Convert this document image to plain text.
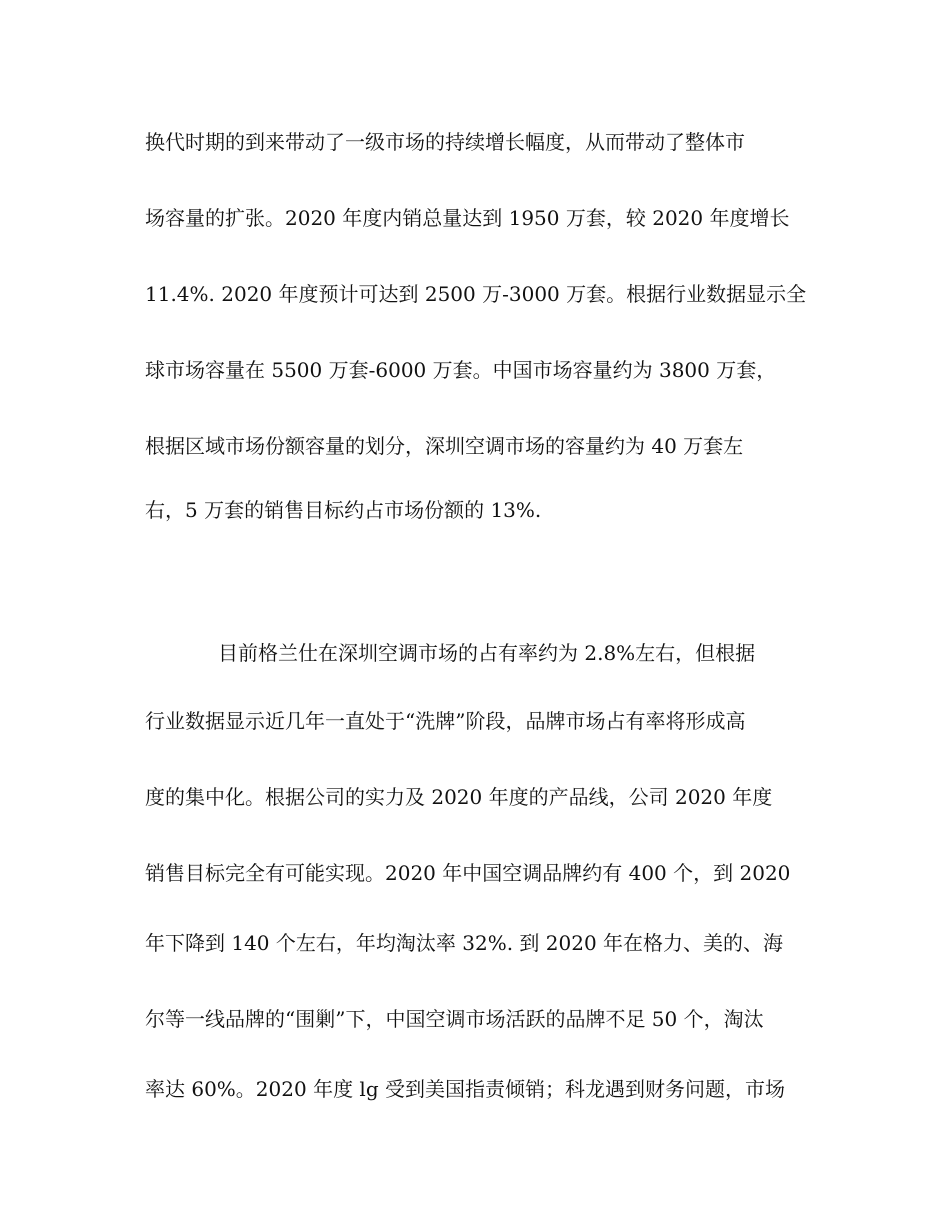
换代时期的到来带动了一级市场的持续增长幅度，从而带动了整体市
场容量的扩张。2020 年度内销总量达到 1950 万套，较 2020 年度增长
11.4%. 2020 年度预计可达到 2500 万-3000 万套。根据行业数据显示全
球市场容量在 5500 万套-6000 万套。中国市场容量约为 3800 万套，
根据区域市场份额容量的划分，深圳空调市场的容量约为 40 万套左
右，5 万套的销售目标约占市场份额的 13%.
目前格兰仕在深圳空调市场的占有率约为 2.8%左右，但根据
行业数据显示近几年一直处于“洗牌”阶段，品牌市场占有率将形成高
度的集中化。根据公司的实力及 2020 年度的产品线，公司 2020 年度
销售目标完全有可能实现。2020 年中国空调品牌约有 400 个，到 2020
年下降到 140 个左右，年均淘汰率 32%. 到 2020 年在格力、美的、海
尔等一线品牌的“围剿”下，中国空调市场活跃的品牌不足 50 个，淘汰
率达 60%。2020 年度 lg 受到美国指责倾销；科龙遇到财务问题，市场
